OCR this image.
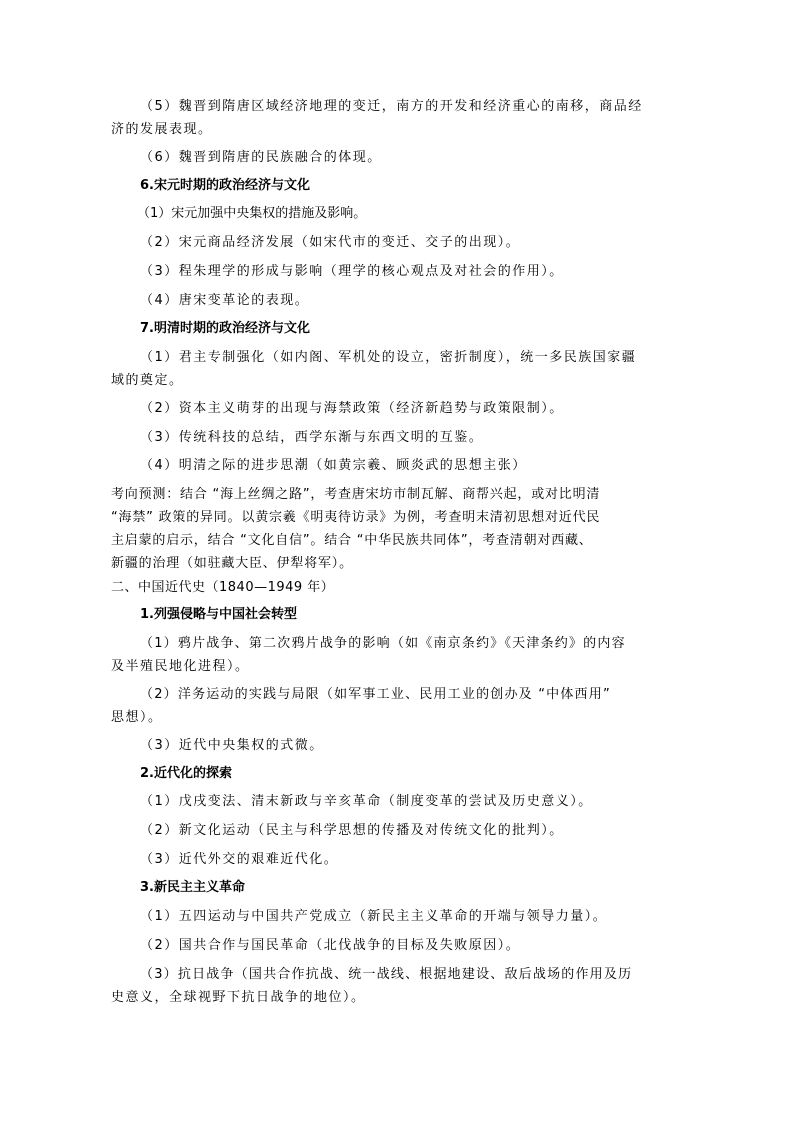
（5）魏晋到隋唐区域经济地理的变迁，南方的开发和经济重心的南移，商品经
济的发展表现。
（6）魏晋到隋唐的民族融合的体现。
6.宋元时期的政治经济与文化
（1）宋元加强中央集权的措施及影响。
（2）宋元商品经济发展（如宋代市的变迁、交子的出现）。
（3）程朱理学的形成与影响（理学的核心观点及对社会的作用）。
（4）唐宋变革论的表现。
7.明清时期的政治经济与文化
（1）君主专制强化（如内阁、军机处的设立，密折制度），统一多民族国家疆
域的奠定。
（2）资本主义萌芽的出现与海禁政策（经济新趋势与政策限制）。
（3）传统科技的总结，西学东渐与东西文明的互鉴。
（4）明清之际的进步思潮（如黄宗羲、顾炎武的思想主张）
考向预测：结合 “海上丝绸之路”，考查唐宋坊市制瓦解、商帮兴起，或对比明清
“海禁” 政策的异同。以黄宗羲《明夷待访录》为例，考查明末清初思想对近代民
主启蒙的启示，结合 “文化自信”。结合 “中华民族共同体”，考查清朝对西藏、
新疆的治理（如驻藏大臣、伊犁将军）。
二、中国近代史（1840—1949 年）
1.列强侵略与中国社会转型
（1）鸦片战争、第二次鸦片战争的影响（如《南京条约》《天津条约》的内容
及半殖民地化进程）。
（2）洋务运动的实践与局限（如军事工业、民用工业的创办及 “中体西用”
思想）。
（3）近代中央集权的式微。
2.近代化的探索
（1）戊戌变法、清末新政与辛亥革命（制度变革的尝试及历史意义）。
（2）新文化运动（民主与科学思想的传播及对传统文化的批判）。
（3）近代外交的艰难近代化。
3.新民主主义革命
（1）五四运动与中国共产党成立（新民主主义革命的开端与领导力量）。
（2）国共合作与国民革命（北伐战争的目标及失败原因）。
（3）抗日战争（国共合作抗战、统一战线、根据地建设、敌后战场的作用及历
史意义，全球视野下抗日战争的地位）。
